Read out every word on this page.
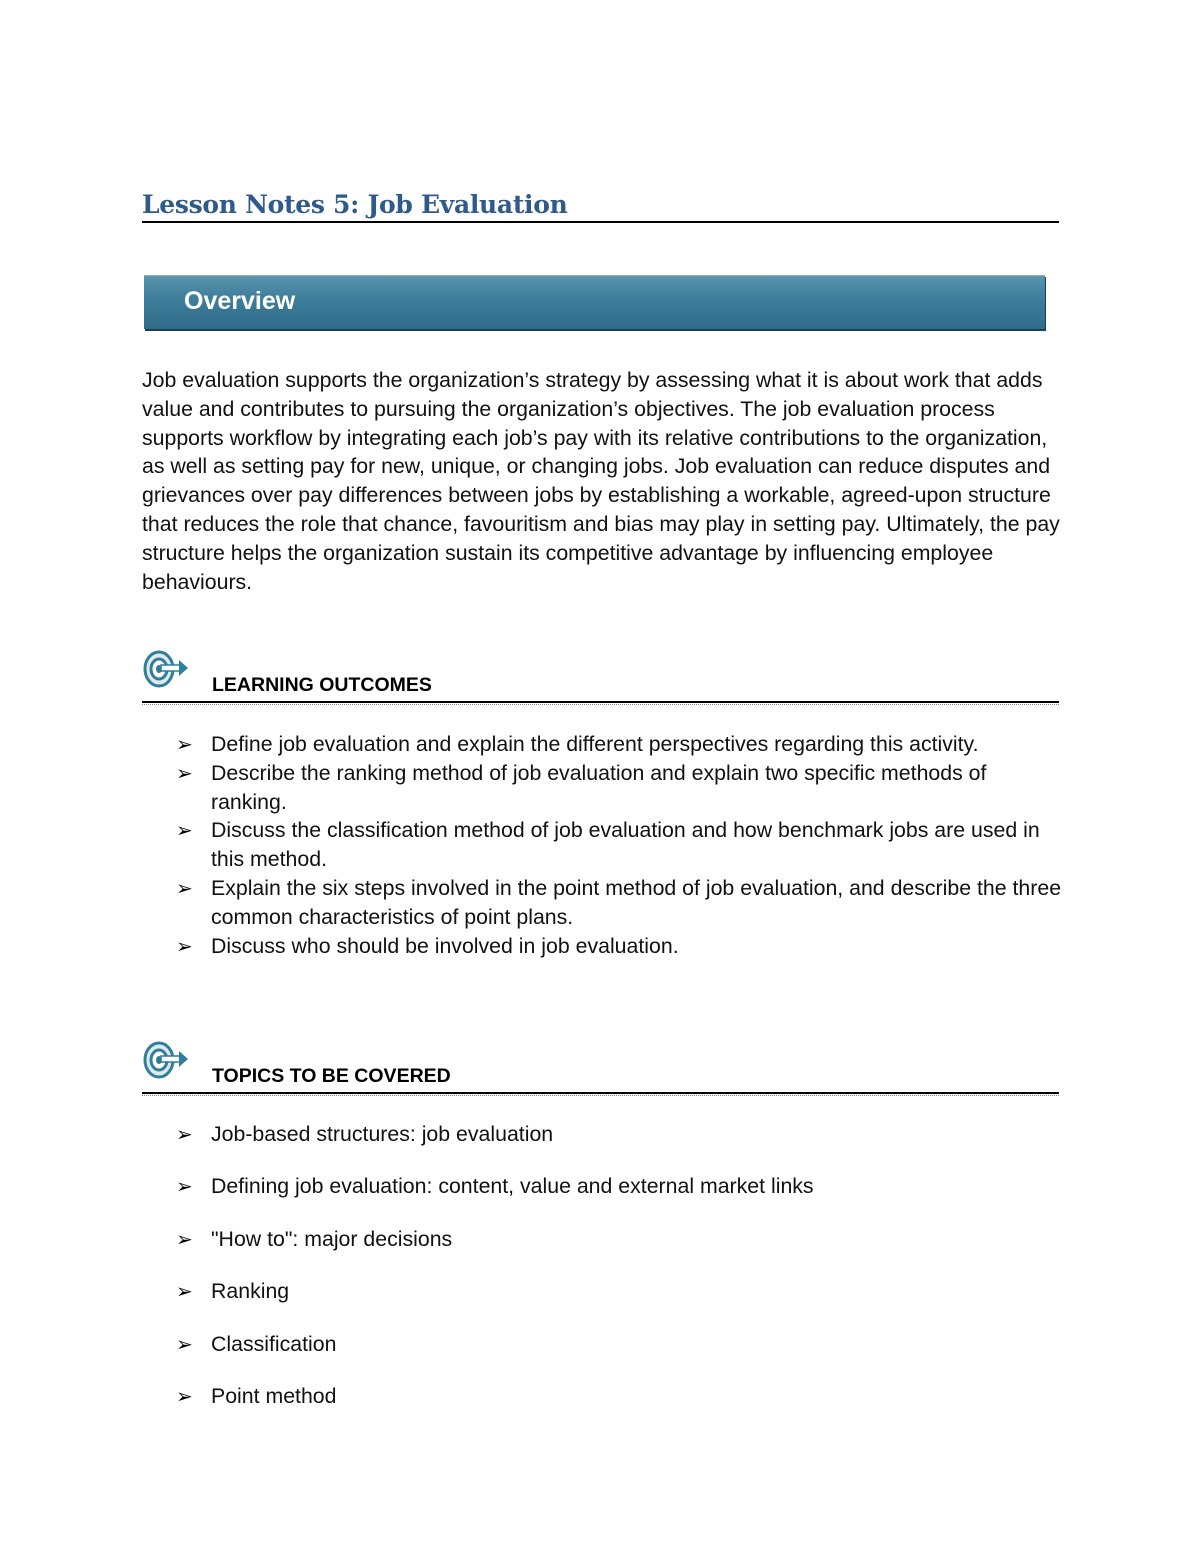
Lesson Notes 5: Job Evaluation
Overview
Job evaluation supports the organization’s strategy by assessing what it is about work that adds value and contributes to pursuing the organization’s objectives. The job evaluation process supports workflow by integrating each job’s pay with its relative contributions to the organization, as well as setting pay for new, unique, or changing jobs. Job evaluation can reduce disputes and grievances over pay differences between jobs by establishing a workable, agreed-upon structure that reduces the role that chance, favouritism and bias may play in setting pay. Ultimately, the pay structure helps the organization sustain its competitive advantage by influencing employee behaviours.
LEARNING OUTCOMES
➢ Define job evaluation and explain the different perspectives regarding this activity.
➢ Describe the ranking method of job evaluation and explain two specific methods of ranking.
➢ Discuss the classification method of job evaluation and how benchmark jobs are used in this method.
➢ Explain the six steps involved in the point method of job evaluation, and describe the three common characteristics of point plans.
➢ Discuss who should be involved in job evaluation.
TOPICS TO BE COVERED
➢ Job-based structures: job evaluation
➢ Defining job evaluation: content, value and external market links
➢ "How to": major decisions
➢ Ranking
➢ Classification
➢ Point method
